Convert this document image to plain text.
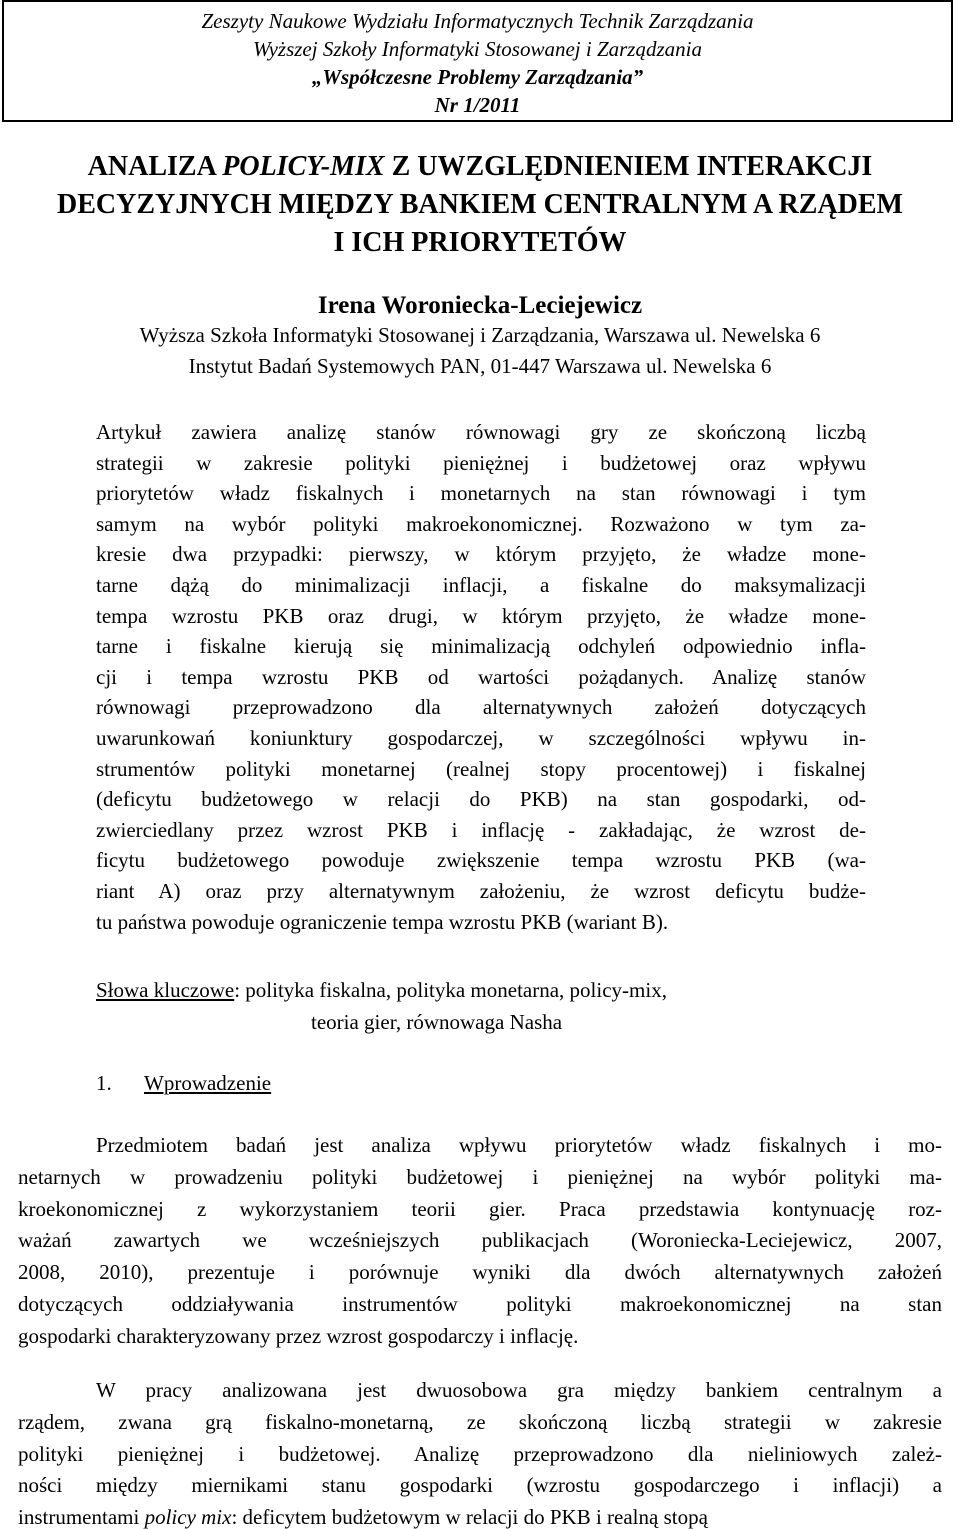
Zeszyty Naukowe Wydziału Informatycznych Technik Zarządzania
Wyższej Szkoły Informatyki Stosowanej i Zarządzania
„Współczesne Problemy Zarządzania”
Nr 1/2011
ANALIZA POLICY-MIX Z UWZGLĘDNIENIEM INTERAKCJI
DECYZYJNYCH MIĘDZY BANKIEM CENTRALNYM A RZĄDEM
I ICH PRIORYTETÓW
Irena Woroniecka-Leciejewicz
Wyższa Szkoła Informatyki Stosowanej i Zarządzania, Warszawa ul. Newelska 6
Instytut Badań Systemowych PAN, 01-447 Warszawa ul. Newelska 6
Artykuł zawiera analizę stanów równowagi gry ze skończoną liczbą
strategii w zakresie polityki pieniężnej i budżetowej oraz wpływu
priorytetów władz fiskalnych i monetarnych na stan równowagi i tym
samym na wybór polityki makroekonomicznej. Rozważono w tym za-
kresie dwa przypadki: pierwszy, w którym przyjęto, że władze mone-
tarne dążą do minimalizacji inflacji, a fiskalne do maksymalizacji
tempa wzrostu PKB oraz drugi, w którym przyjęto, że władze mone-
tarne i fiskalne kierują się minimalizacją odchyleń odpowiednio infla-
cji i tempa wzrostu PKB od wartości pożądanych. Analizę stanów
równowagi przeprowadzono dla alternatywnych założeń dotyczących
uwarunkowań koniunktury gospodarczej, w szczególności wpływu in-
strumentów polityki monetarnej (realnej stopy procentowej) i fiskalnej
(deficytu budżetowego w relacji do PKB) na stan gospodarki, od-
zwierciedlany przez wzrost PKB i inflację - zakładając, że wzrost de-
ficytu budżetowego powoduje zwiększenie tempa wzrostu PKB (wa-
riant A) oraz przy alternatywnym założeniu, że wzrost deficytu budże-
tu państwa powoduje ograniczenie tempa wzrostu PKB (wariant B).
Słowa kluczowe: polityka fiskalna, polityka monetarna, policy-mix,
teoria gier, równowaga Nasha
1. Wprowadzenie
Przedmiotem badań jest analiza wpływu priorytetów władz fiskalnych i mo-
netarnych w prowadzeniu polityki budżetowej i pieniężnej na wybór polityki ma-
kroekonomicznej z wykorzystaniem teorii gier. Praca przedstawia kontynuację roz-
ważań zawartych we wcześniejszych publikacjach (Woroniecka-Leciejewicz, 2007,
2008, 2010), prezentuje i porównuje wyniki dla dwóch alternatywnych założeń
dotyczących oddziaływania instrumentów polityki makroekonomicznej na stan
gospodarki charakteryzowany przez wzrost gospodarczy i inflację.
W pracy analizowana jest dwuosobowa gra między bankiem centralnym a
rządem, zwana grą fiskalno-monetarną, ze skończoną liczbą strategii w zakresie
polityki pieniężnej i budżetowej. Analizę przeprowadzono dla nieliniowych zależ-
ności między miernikami stanu gospodarki (wzrostu gospodarczego i inflacji) a
instrumentami policy mix: deficytem budżetowym w relacji do PKB i realną stopą
